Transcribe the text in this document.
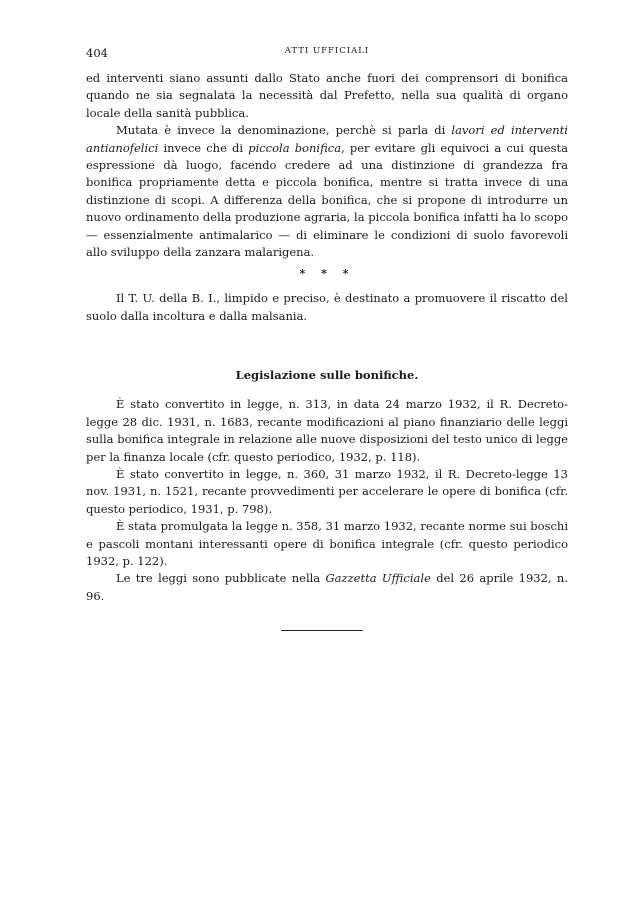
404	ATTI UFFICIALI

ed interventi siano assunti dallo Stato anche fuori dei comprensori di bonifica quando ne sia segnalata la necessità dal Prefetto, nella sua qualità di organo locale della sanità pubblica.

Mutata è invece la denominazione, perchè si parla di lavori ed interventi antianofelici invece che di piccola bonifica, per evitare gli equivoci a cui questa espressione dà luogo, facendo credere ad una distinzione di grandezza fra bonifica propriamente detta e piccola bonifica, mentre si tratta invece di una distinzione di scopi. A differenza della bonifica, che si propone di introdurre un nuovo ordinamento della produzione agraria, la piccola bonifica infatti ha lo scopo — essenzialmente antimalarico — di eliminare le condizioni di suolo favorevoli allo sviluppo della zanzara malarigena.

* * *

Il T. U. della B. I., limpido e preciso, è destinato a promuovere il riscatto del suolo dalla incoltura e dalla malsania.

Legislazione sulle bonifiche.

È stato convertito in legge, n. 313, in data 24 marzo 1932, il R. Decreto-legge 28 dic. 1931, n. 1683, recante modificazioni al piano finanziario delle leggi sulla bonifica integrale in relazione alle nuove disposizioni del testo unico di legge per la finanza locale (cfr. questo periodico, 1932, p. 118).

È stato convertito in legge, n. 360, 31 marzo 1932, il R. Decreto-legge 13 nov. 1931, n. 1521, recante provvedimenti per accelerare le opere di bonifica (cfr. questo periodico, 1931, p. 798).

È stata promulgata la legge n. 358, 31 marzo 1932, recante norme sui boschi e pascoli montani interessanti opere di bonifica integrale (cfr. questo periodico 1932, p. 122).

Le tre leggi sono pubblicate nella Gazzetta Ufficiale del 26 aprile 1932, n. 96.
